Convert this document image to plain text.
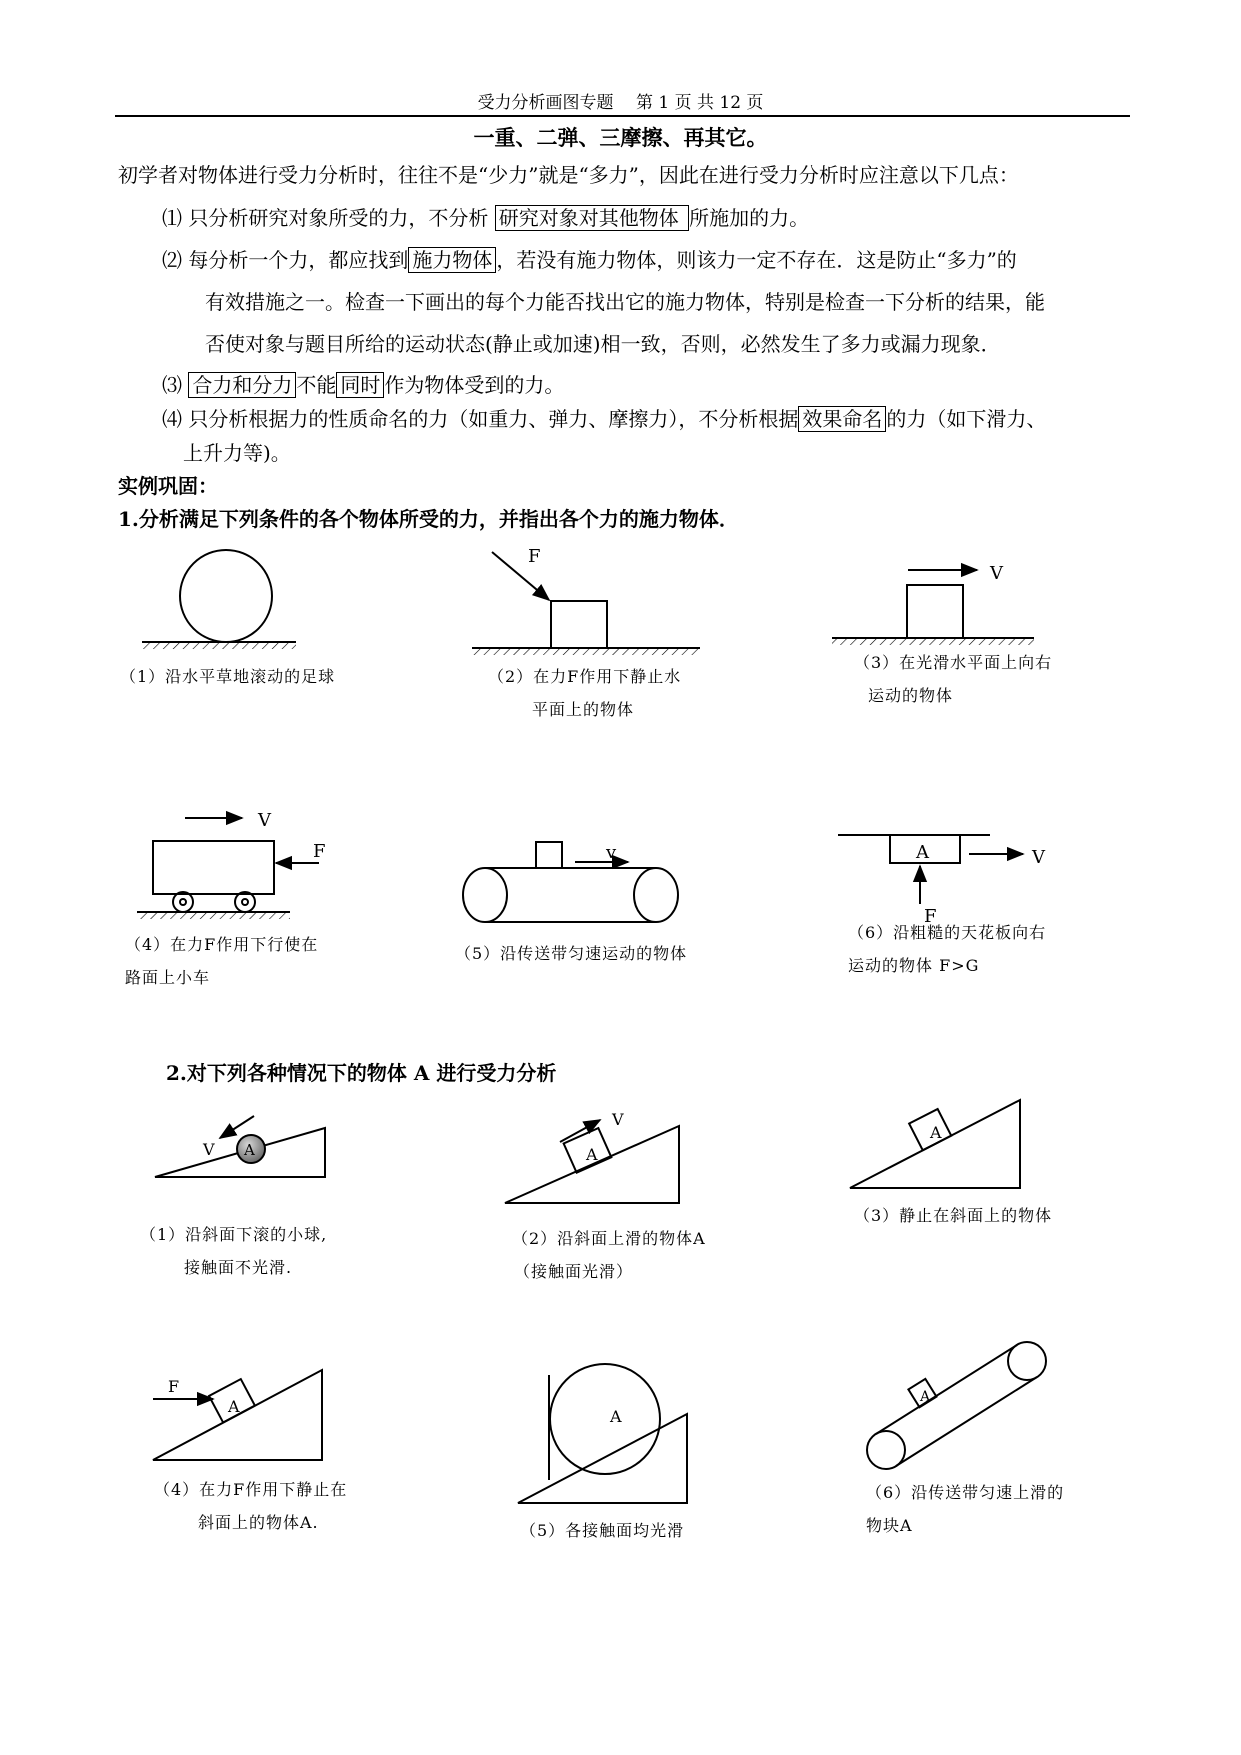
受力分析画图专题　 第 1 页 共 12 页
一重、二弹、三摩擦、再其它。
初学者对物体进行受力分析时，往往不是“少力”就是“多力”，因此在进行受力分析时应注意以下几点：
⑴ 只分析研究对象所受的力，不分析 研究对象对其他物体 所施加的力。
⑵ 每分析一个力，都应找到 施力物体 ，若没有施力物体，则该力一定不存在．这是防止“多力”的
有效措施之一。检查一下画出的每个力能否找出它的施力物体，特别是检查一下分析的结果，能
否使对象与题目所给的运动状态(静止或加速)相一致，否则，必然发生了多力或漏力现象．
⑶ 合力和分力 不能 同时 作为物体受到的力。
⑷ 只分析根据力的性质命名的力（如重力、弹力、摩擦力），不分析根据 效果命名 的力（如下滑力、
上升力等)。
实例巩固：
1.分析满足下列条件的各个物体所受的力，并指出各个力的施力物体．
（1）沿水平草地滚动的足球	（2）在力F作用下静止水
平面上的物体
（3）在光滑水平面上向右
运动的物体
（4）在力F作用下行使在
路面上小车
（5）沿传送带匀速运动的物体
（6）沿粗糙的天花板向右
运动的物体 F>G
2.对下列各种情况下的物体 A 进行受力分析
（1）沿斜面下滚的小球,
接触面不光滑.
（2）沿斜面上滑的物体A
（接触面光滑）
（3）静止在斜面上的物体
（4）在力F作用下静止在
斜面上的物体A.	（5）各接触面均光滑
（6）沿传送带匀速上滑的
物块A
F
V
V
F	v	A	V
F
V A
V
A
A
F
A
A
A
